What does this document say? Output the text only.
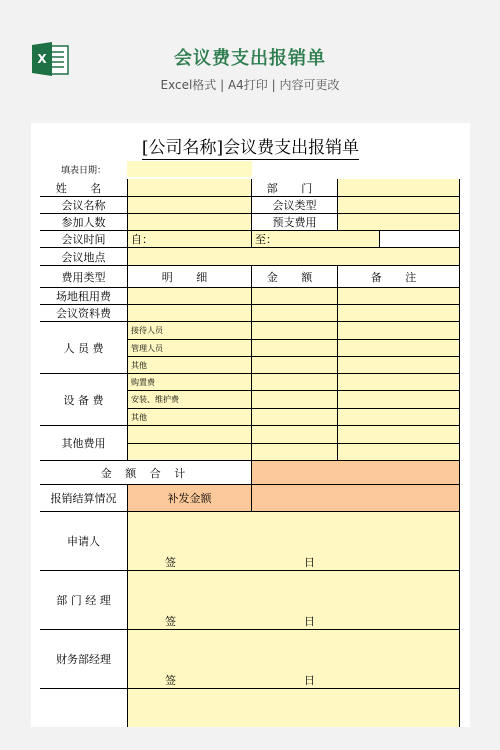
X	会议费支出报销单
Excel格式 | A4打印 | 内容可更改
[公司名称]会议费支出报销单
填表日期：
姓 名	部 门
会议名称	会议类型
参加人数	预支费用
会议时间	自：	至：
会议地点
费用类型	明 细	金 额	备 注
场地租用费
会议资料费
人 员 费
接待人员
管理人员
其他
设 备 费
购置费
安装、维护费
其他
其他费用
金 额 合 计
报销结算情况	补发金额
申请人
签	日
部 门 经 理
签	日
财务部经理
签	日
